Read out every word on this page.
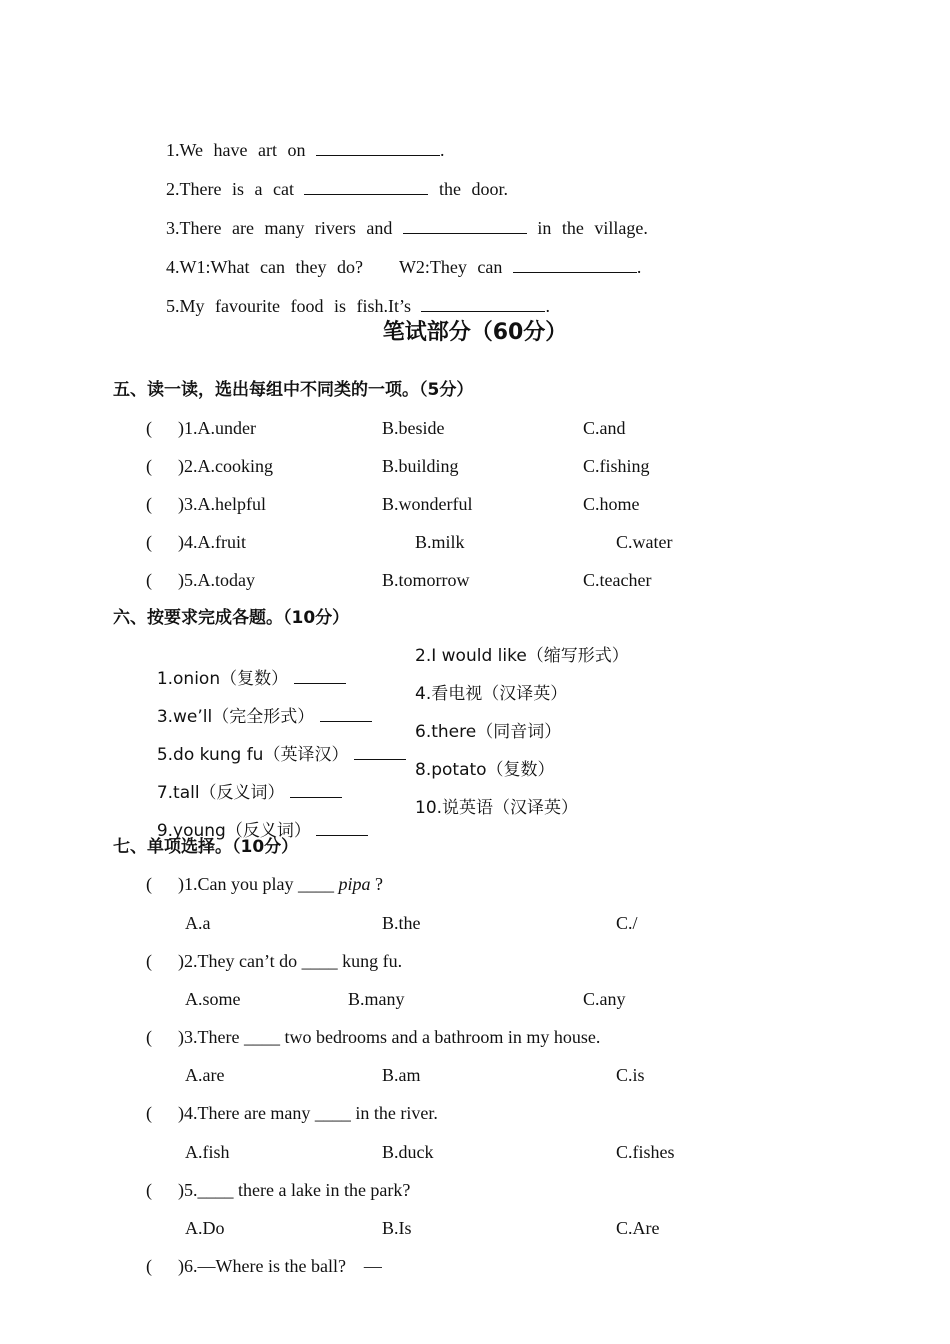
1.We have art on	.

2.There is a cat	the door.

3.There are many rivers and	in the village.

4.W1:What can they do? W2:They can	.

5.My favourite food is fish.It’s	.

笔试部分（60分）
五、读一读，选出每组中不同类的一项。（5分）
( )1.A.under	B.beside	C.and
( )2.A.cooking	B.building	C.fishing
( )3.A.helpful	B.wonderful	C.home
( )4.A.fruit	B.milk	C.water
( )5.A.today	B.tomorrow	C.teacher
六、按要求完成各题。（10分）

1.onion（复数）

2.I would like（缩写形式）

3.we’ll（完全形式）

4.看电视（汉译英）

5.do kung fu（英译汉）

6.there（同音词）

7.tall（反义词）

8.potato（复数）

9.young（反义词）

10.说英语（汉译英）
七、单项选择。（10分）
( )1.Can you play ____ pipa ?
A.a	B.the	C./
( )2.They can’t do ____ kung fu.
A.some	B.many	C.any
( )3.There ____ two bedrooms and a bathroom in my house.
A.are	B.am	C.is
( )4.There are many ____ in the river.
A.fish	B.duck	C.fishes
( )5.____ there a lake in the park?
A.Do	B.Is	C.Are
( )6.—Where is the ball?    —
